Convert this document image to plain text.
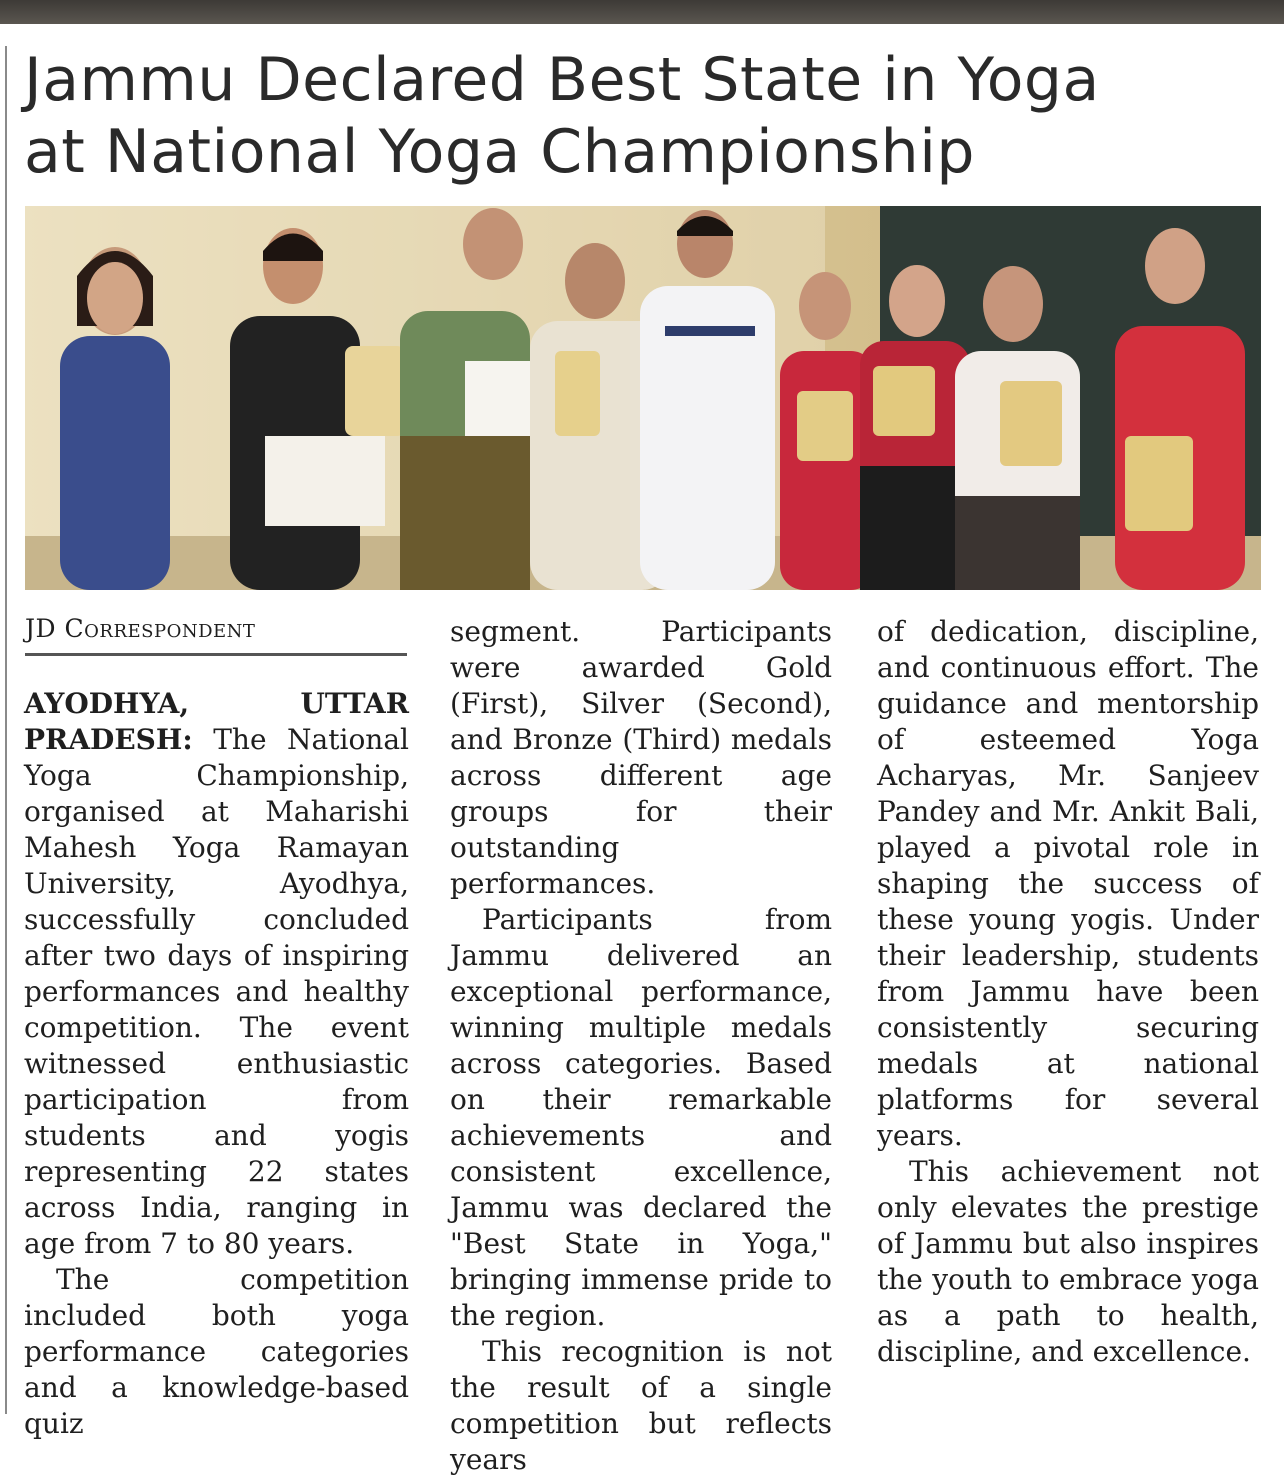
Jammu Declared Best State in Yoga
at National Yoga Championship
JD Correspondent

AYODHYA, UTTAR PRADESH: The National Yoga Championship, organised at Maharishi Mahesh Yoga Ramayan University, Ayodhya, successfully concluded after two days of inspiring performances and healthy competition. The event witnessed enthusiastic participation from students and yogis representing 22 states across India, ranging in age from 7 to 80 years.

The competition included both yoga performance categories and a knowledge-based quiz

segment. Participants were awarded Gold (First), Silver (Second), and Bronze (Third) medals across different age groups for their outstanding performances.

Participants from Jammu delivered an exceptional performance, winning multiple medals across categories. Based on their remarkable achievements and consistent excellence, Jammu was declared the "Best State in Yoga," bringing immense pride to the region.

This recognition is not the result of a single competition but reflects years

of dedication, discipline, and continuous effort. The guidance and mentorship of esteemed Yoga Acharyas, Mr. Sanjeev Pandey and Mr. Ankit Bali, played a pivotal role in shaping the success of these young yogis. Under their leadership, students from Jammu have been consistently securing medals at national platforms for several years.

This achievement not only elevates the prestige of Jammu but also inspires the youth to embrace yoga as a path to health, discipline, and excellence.
